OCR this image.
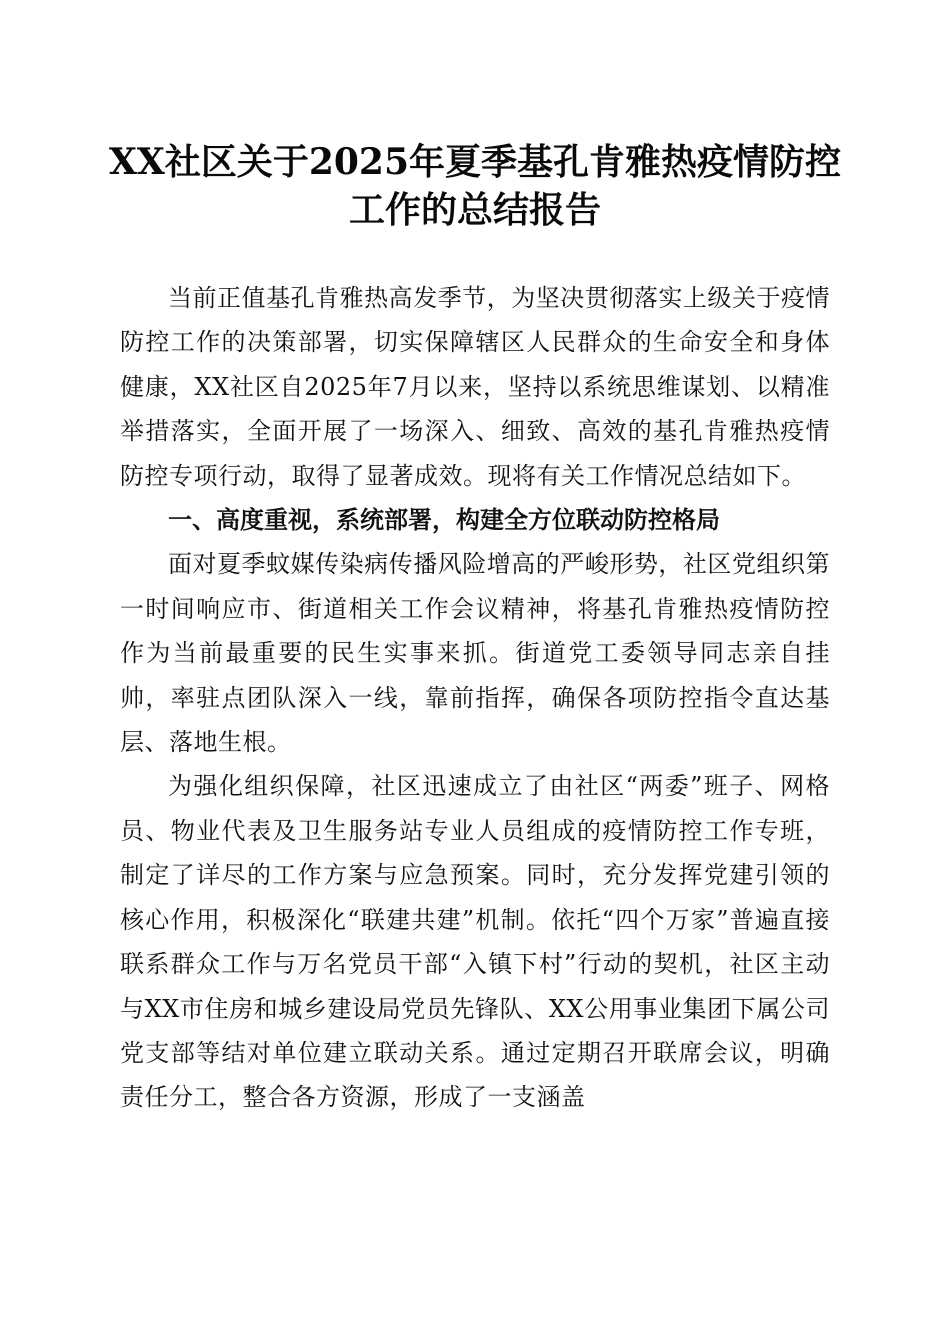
XX社区关于2025年夏季基孔肯雅热疫情防控
工作的总结报告

当前正值基孔肯雅热高发季节，为坚决贯彻落实上级关于疫情防控工作的决策部署，切实保障辖区人民群众的生命安全和身体健康，XX社区自2025年7月以来，坚持以系统思维谋划、以精准举措落实，全面开展了一场深入、细致、高效的基孔肯雅热疫情防控专项行动，取得了显著成效。现将有关工作情况总结如下。

一、高度重视，系统部署，构建全方位联动防控格局

面对夏季蚊媒传染病传播风险增高的严峻形势，社区党组织第一时间响应市、街道相关工作会议精神，将基孔肯雅热疫情防控作为当前最重要的民生实事来抓。街道党工委领导同志亲自挂帅，率驻点团队深入一线，靠前指挥，确保各项防控指令直达基层、落地生根。

为强化组织保障，社区迅速成立了由社区“两委”班子、网格员、物业代表及卫生服务站专业人员组成的疫情防控工作专班，制定了详尽的工作方案与应急预案。同时，充分发挥党建引领的核心作用，积极深化“联建共建”机制。依托“四个万家”普遍直接联系群众工作与万名党员干部“入镇下村”行动的契机，社区主动与XX市住房和城乡建设局党员先锋队、XX公用事业集团下属公司党支部等结对单位建立联动关系。通过定期召开联席会议，明确责任分工，整合各方资源，形成了一支涵盖
